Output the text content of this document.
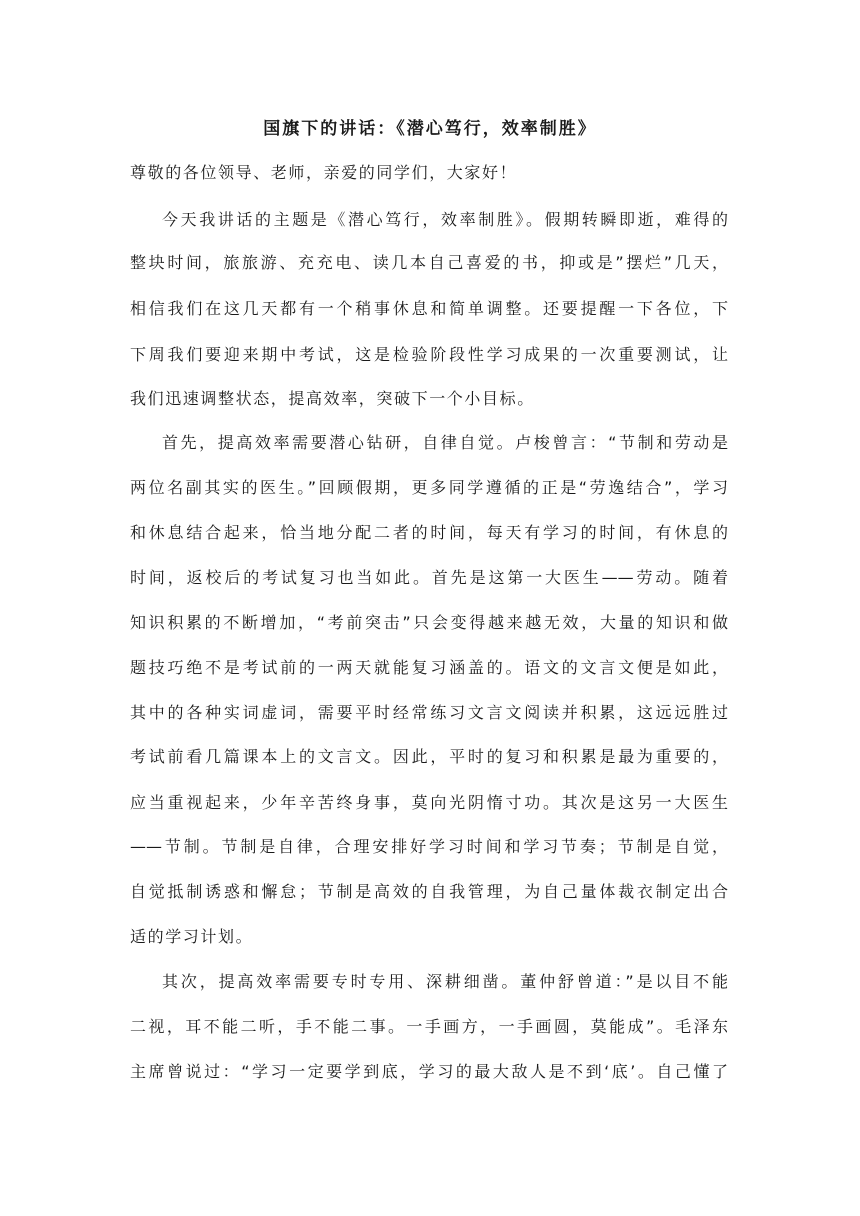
国旗下的讲话：《潜心笃行，效率制胜》
尊敬的各位领导、老师，亲爱的同学们，大家好！
今天我讲话的主题是《潜心笃行，效率制胜》。假期转瞬即逝，难得的
整块时间，旅旅游、充充电、读几本自己喜爱的书，抑或是”摆烂”几天，
相信我们在这几天都有一个稍事休息和简单调整。还要提醒一下各位，下
下周我们要迎来期中考试，这是检验阶段性学习成果的一次重要测试，让
我们迅速调整状态，提高效率，突破下一个小目标。
首先，提高效率需要潜心钻研，自律自觉。卢梭曾言：“节制和劳动是
两位名副其实的医生。”回顾假期，更多同学遵循的正是“劳逸结合”，学习
和休息结合起来，恰当地分配二者的时间，每天有学习的时间，有休息的
时间，返校后的考试复习也当如此。首先是这第一大医生——劳动。随着
知识积累的不断增加，“考前突击”只会变得越来越无效，大量的知识和做
题技巧绝不是考试前的一两天就能复习涵盖的。语文的文言文便是如此，
其中的各种实词虚词，需要平时经常练习文言文阅读并积累，这远远胜过
考试前看几篇课本上的文言文。因此，平时的复习和积累是最为重要的，
应当重视起来，少年辛苦终身事，莫向光阴惰寸功。其次是这另一大医生
——节制。节制是自律，合理安排好学习时间和学习节奏；节制是自觉，
自觉抵制诱惑和懈怠；节制是高效的自我管理，为自己量体裁衣制定出合
适的学习计划。
其次，提高效率需要专时专用、深耕细凿。董仲舒曾道：”是以目不能
二视，耳不能二听，手不能二事。一手画方，一手画圆，莫能成”。毛泽东
主席曾说过：“学习一定要学到底，学习的最大敌人是不到‘底’。自己懂了
